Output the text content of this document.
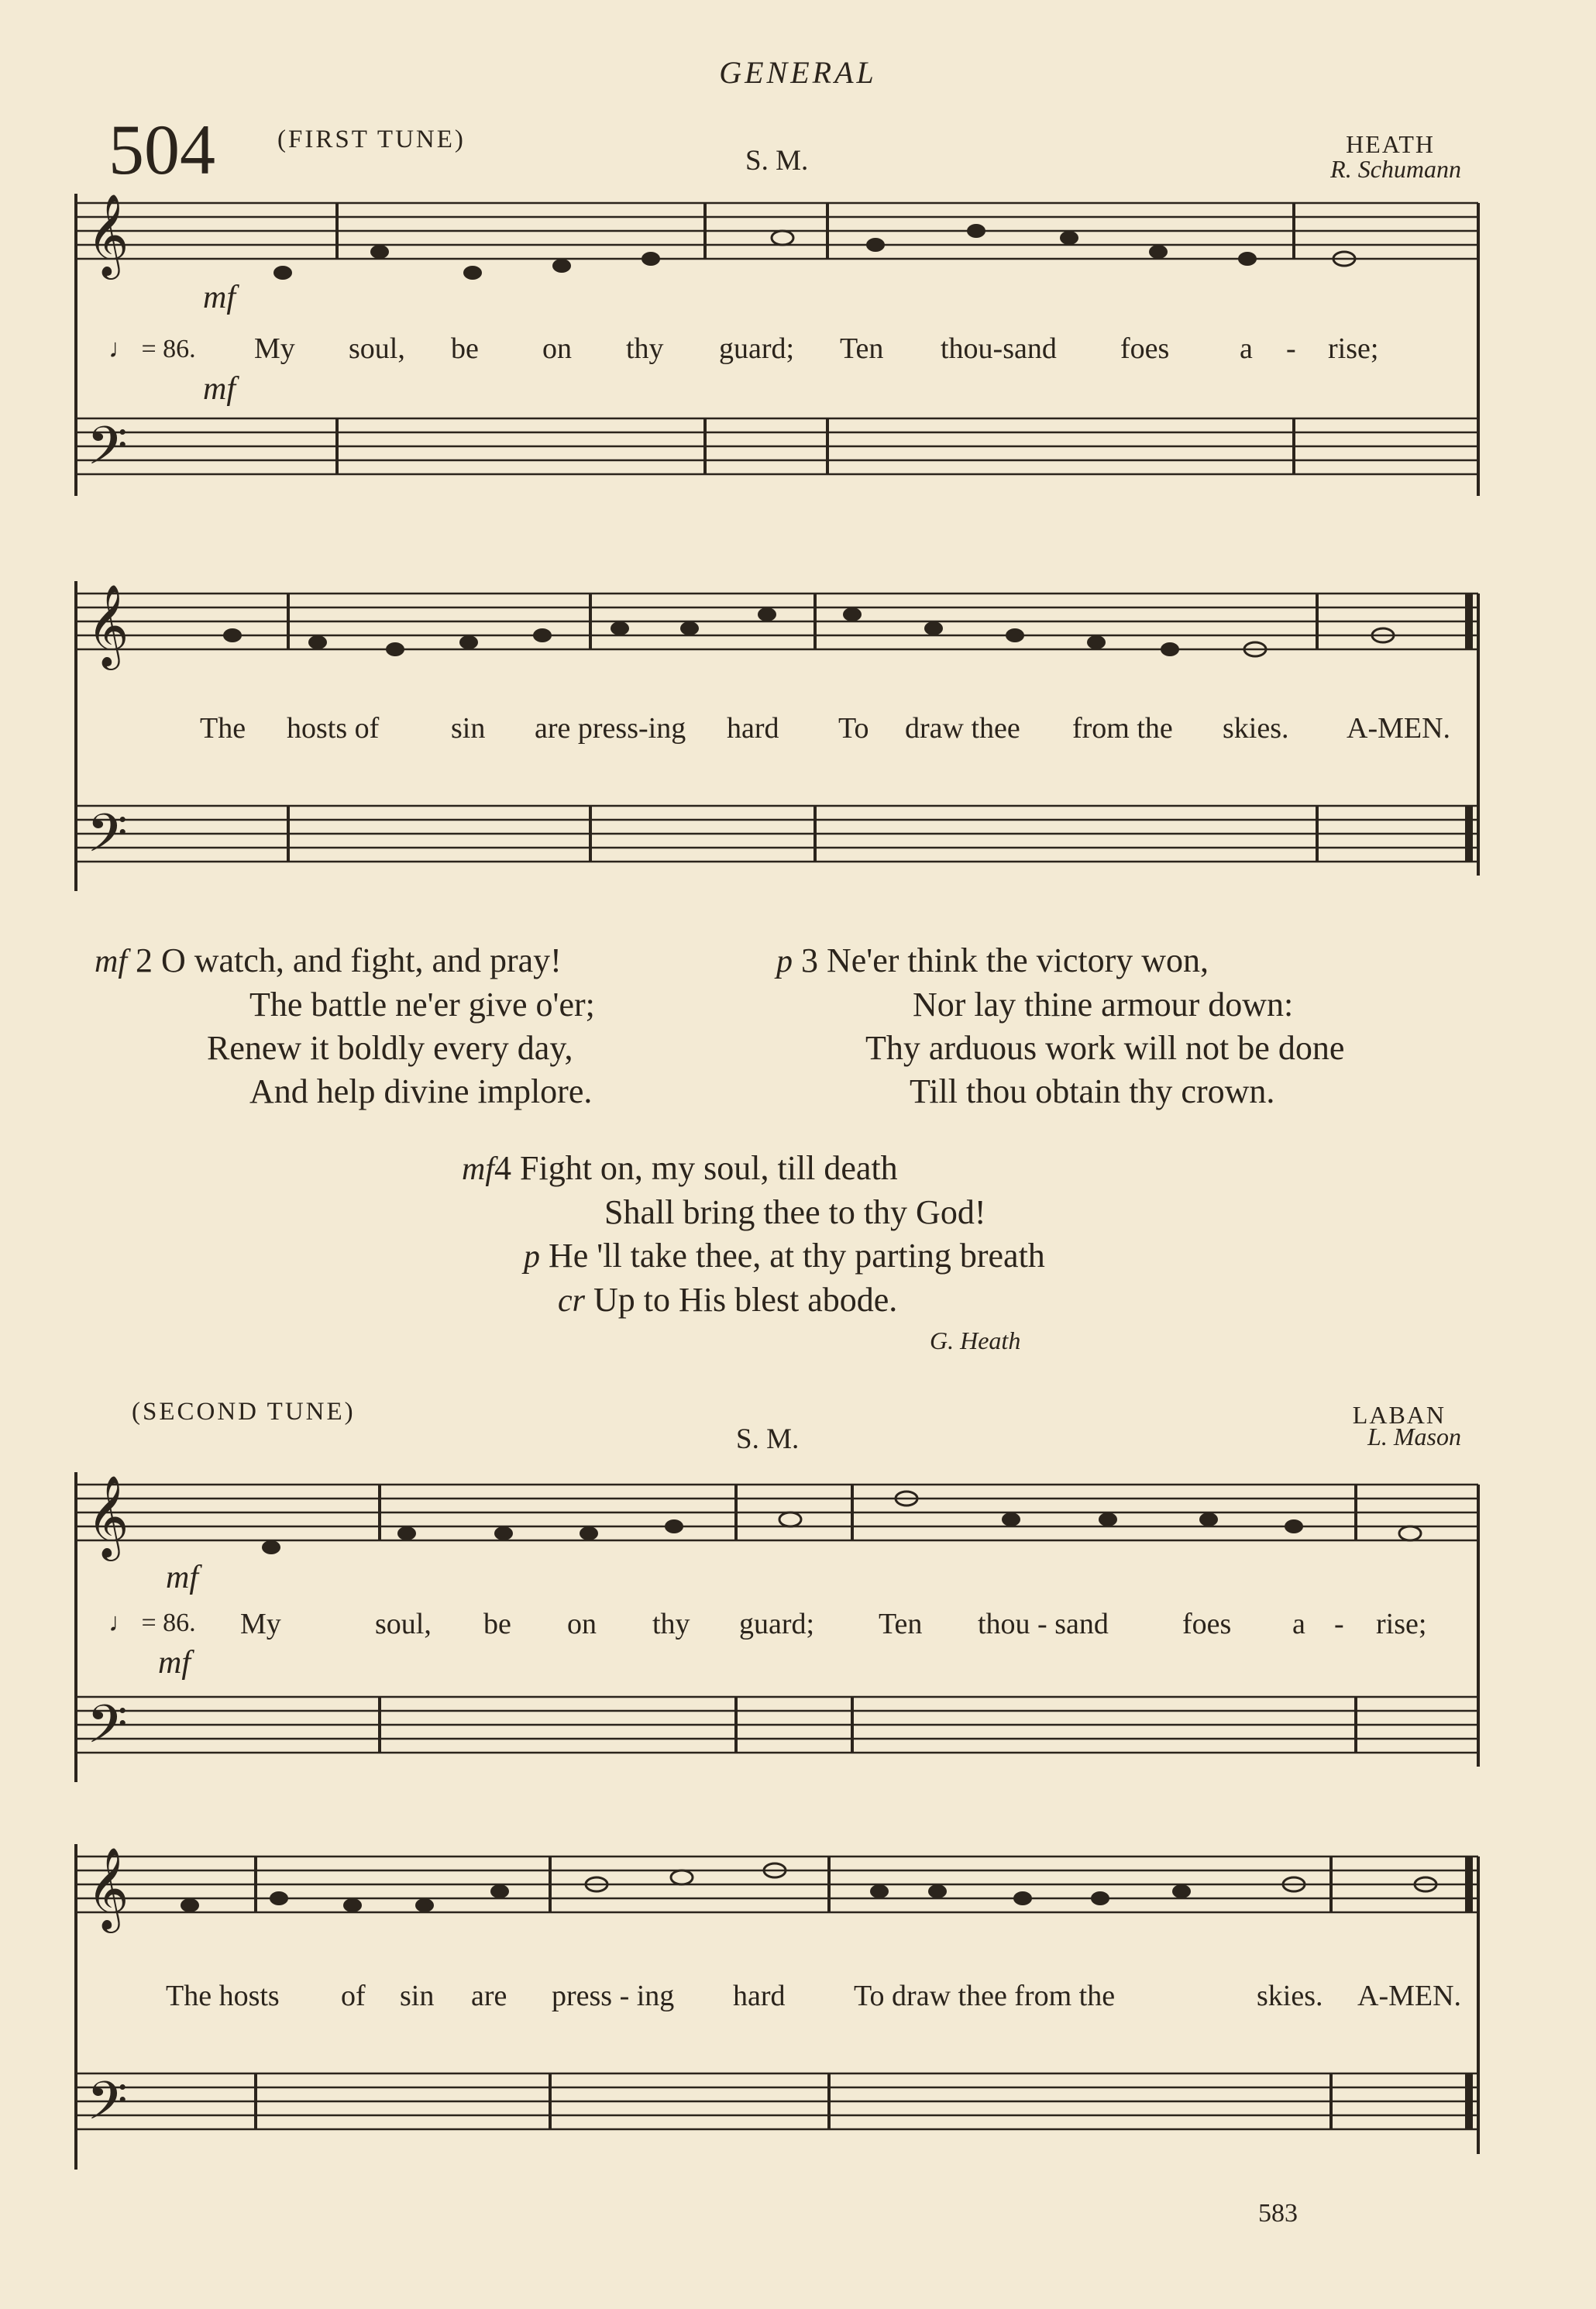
GENERAL
504 (FIRST TUNE)
S. M.
HEATH
R. Schumann
𝄞
𝄢
𝄞
𝄢
𝄞
𝄢
𝄞
𝄢
♩ = 86.
mf
mf
My soul, be on thy guard; Ten thou-sand foes a - rise;
The hosts of sin are press-ing hard To draw thee from the skies. A-MEN.
mf 2 O watch, and fight, and pray!
The battle ne'er give o'er;
Renew it boldly every day,
And help divine implore.
p 3 Ne'er think the victory won,
Nor lay thine armour down:
Thy arduous work will not be done
Till thou obtain thy crown.
mf4 Fight on, my soul, till death
Shall bring thee to thy God!
p He 'll take thee, at thy parting breath
cr Up to His blest abode.
G. Heath
(SECOND TUNE)
S. M.
LABAN
L. Mason
♩ = 86.
mf
mf
My	soul, be on thy guard; Ten thou - sand	foes a - rise;
The hosts of sin are press - ing hard To draw thee from the	skies. A-MEN.
583
